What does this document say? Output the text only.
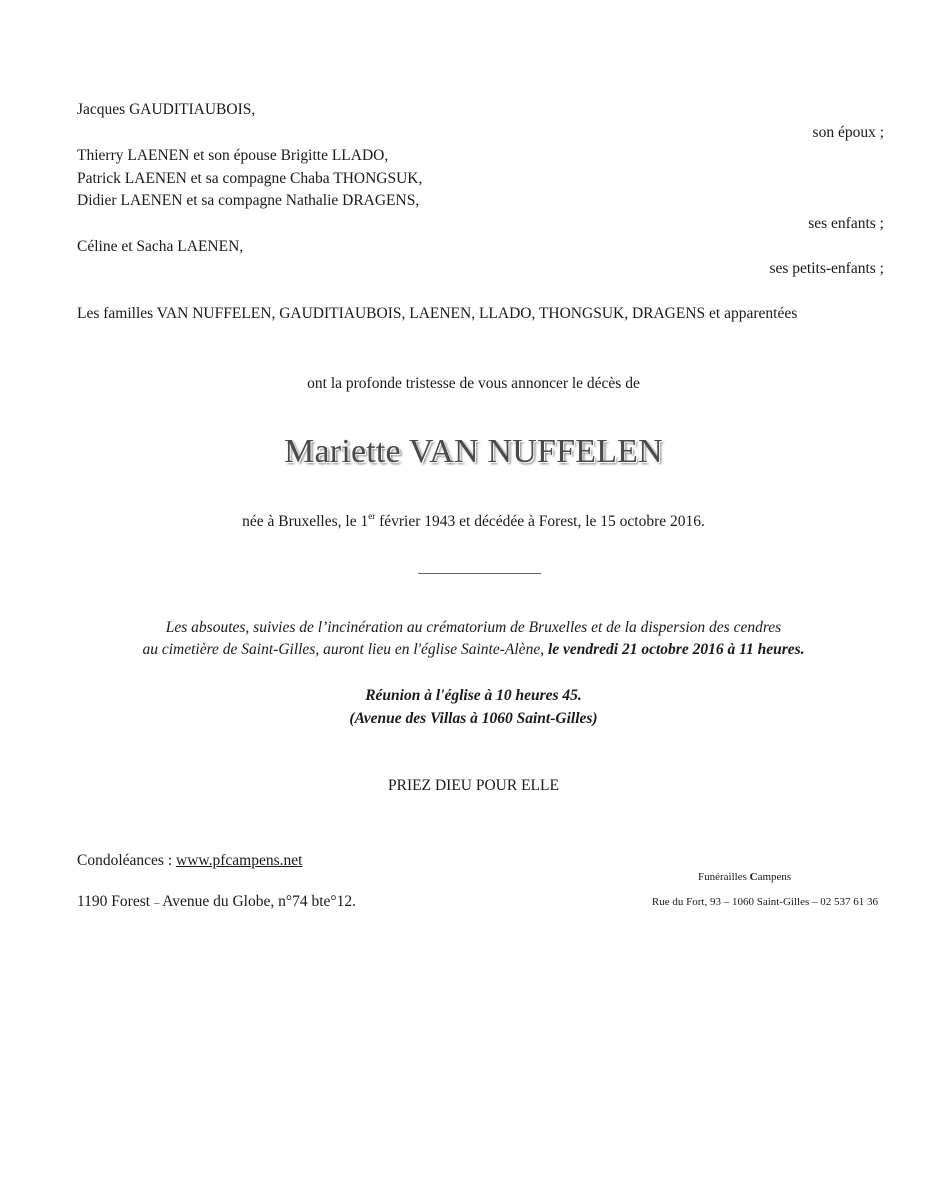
Jacques GAUDITIAUBOIS,
son époux ;
Thierry LAENEN et son épouse Brigitte LLADO,
Patrick LAENEN et sa compagne Chaba THONGSUK,
Didier LAENEN et sa compagne Nathalie DRAGENS,
ses enfants ;
Céline et Sacha LAENEN,
ses petits-enfants ;
Les familles VAN NUFFELEN, GAUDITIAUBOIS, LAENEN, LLADO, THONGSUK, DRAGENS et apparentées
ont la profonde tristesse de vous annoncer le décès de
Mariette VAN NUFFELEN
née à Bruxelles, le 1er février 1943 et décédée à Forest, le 15 octobre 2016.
Les absoutes, suivies de l’incinération au crématorium de Bruxelles et de la dispersion des cendres
au cimetière de Saint-Gilles, auront lieu en l'église Sainte-Alène, le vendredi 21 octobre 2016 à 11 heures.
Réunion à l'église à 10 heures 45.
(Avenue des Villas à 1060 Saint-Gilles)
PRIEZ DIEU POUR ELLE
Condoléances : www.pfcampens.net
1190 Forest – Avenue du Globe, n°74 bte°12.
Funérailles Campens
Rue du Fort, 93 – 1060 Saint-Gilles – 02 537 61 36
